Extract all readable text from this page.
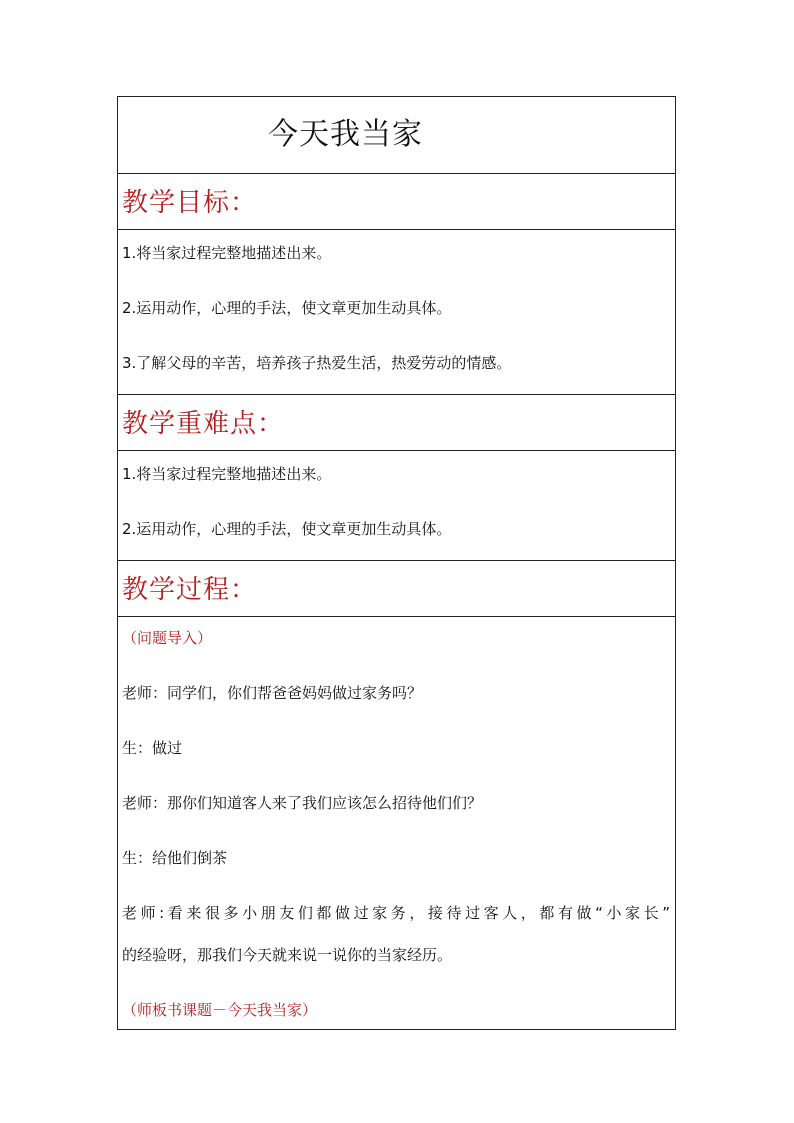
今天我当家
教学目标：
1.将当家过程完整地描述出来。
2.运用动作，心理的手法，使文章更加生动具体。
3.了解父母的辛苦，培养孩子热爱生活，热爱劳动的情感。
教学重难点：
1.将当家过程完整地描述出来。
2.运用动作，心理的手法，使文章更加生动具体。
教学过程：
（问题导入）
老师：同学们，你们帮爸爸妈妈做过家务吗？
生：做过
老师：那你们知道客人来了我们应该怎么招待他们们？
生：给他们倒茶
老师:看来很多小朋友们都做过家务，接待过客人，都有做“小家长”
的经验呀，那我们今天就来说一说你的当家经历。
（师板书课题－今天我当家）
